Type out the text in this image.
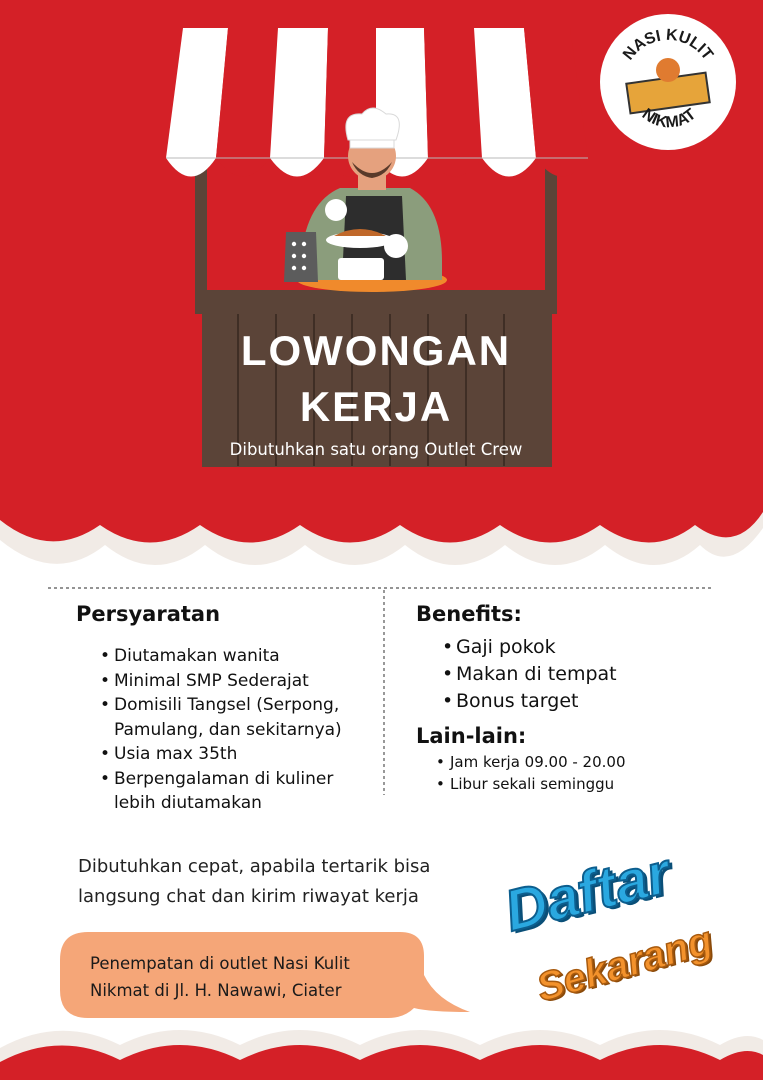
NASI KULIT
NIKMAT
LOWONGAN
KERJA
Dibutuhkan satu orang Outlet Crew
Persyaratan
• Diutamakan wanita
• Minimal SMP Sederajat
• Domisili Tangsel (Serpong, Pamulang, dan sekitarnya)
• Usia max 35th
• Berpengalaman di kuliner lebih diutamakan
Benefits:
• Gaji pokok
• Makan di tempat
• Bonus target
Lain-lain:
• Jam kerja 09.00 - 20.00
• Libur sekali seminggu
Dibutuhkan cepat, apabila tertarik bisa langsung chat dan kirim riwayat kerja
Penempatan di outlet Nasi Kulit Nikmat di Jl. H. Nawawi, Ciater
Daftar
Sekarang
